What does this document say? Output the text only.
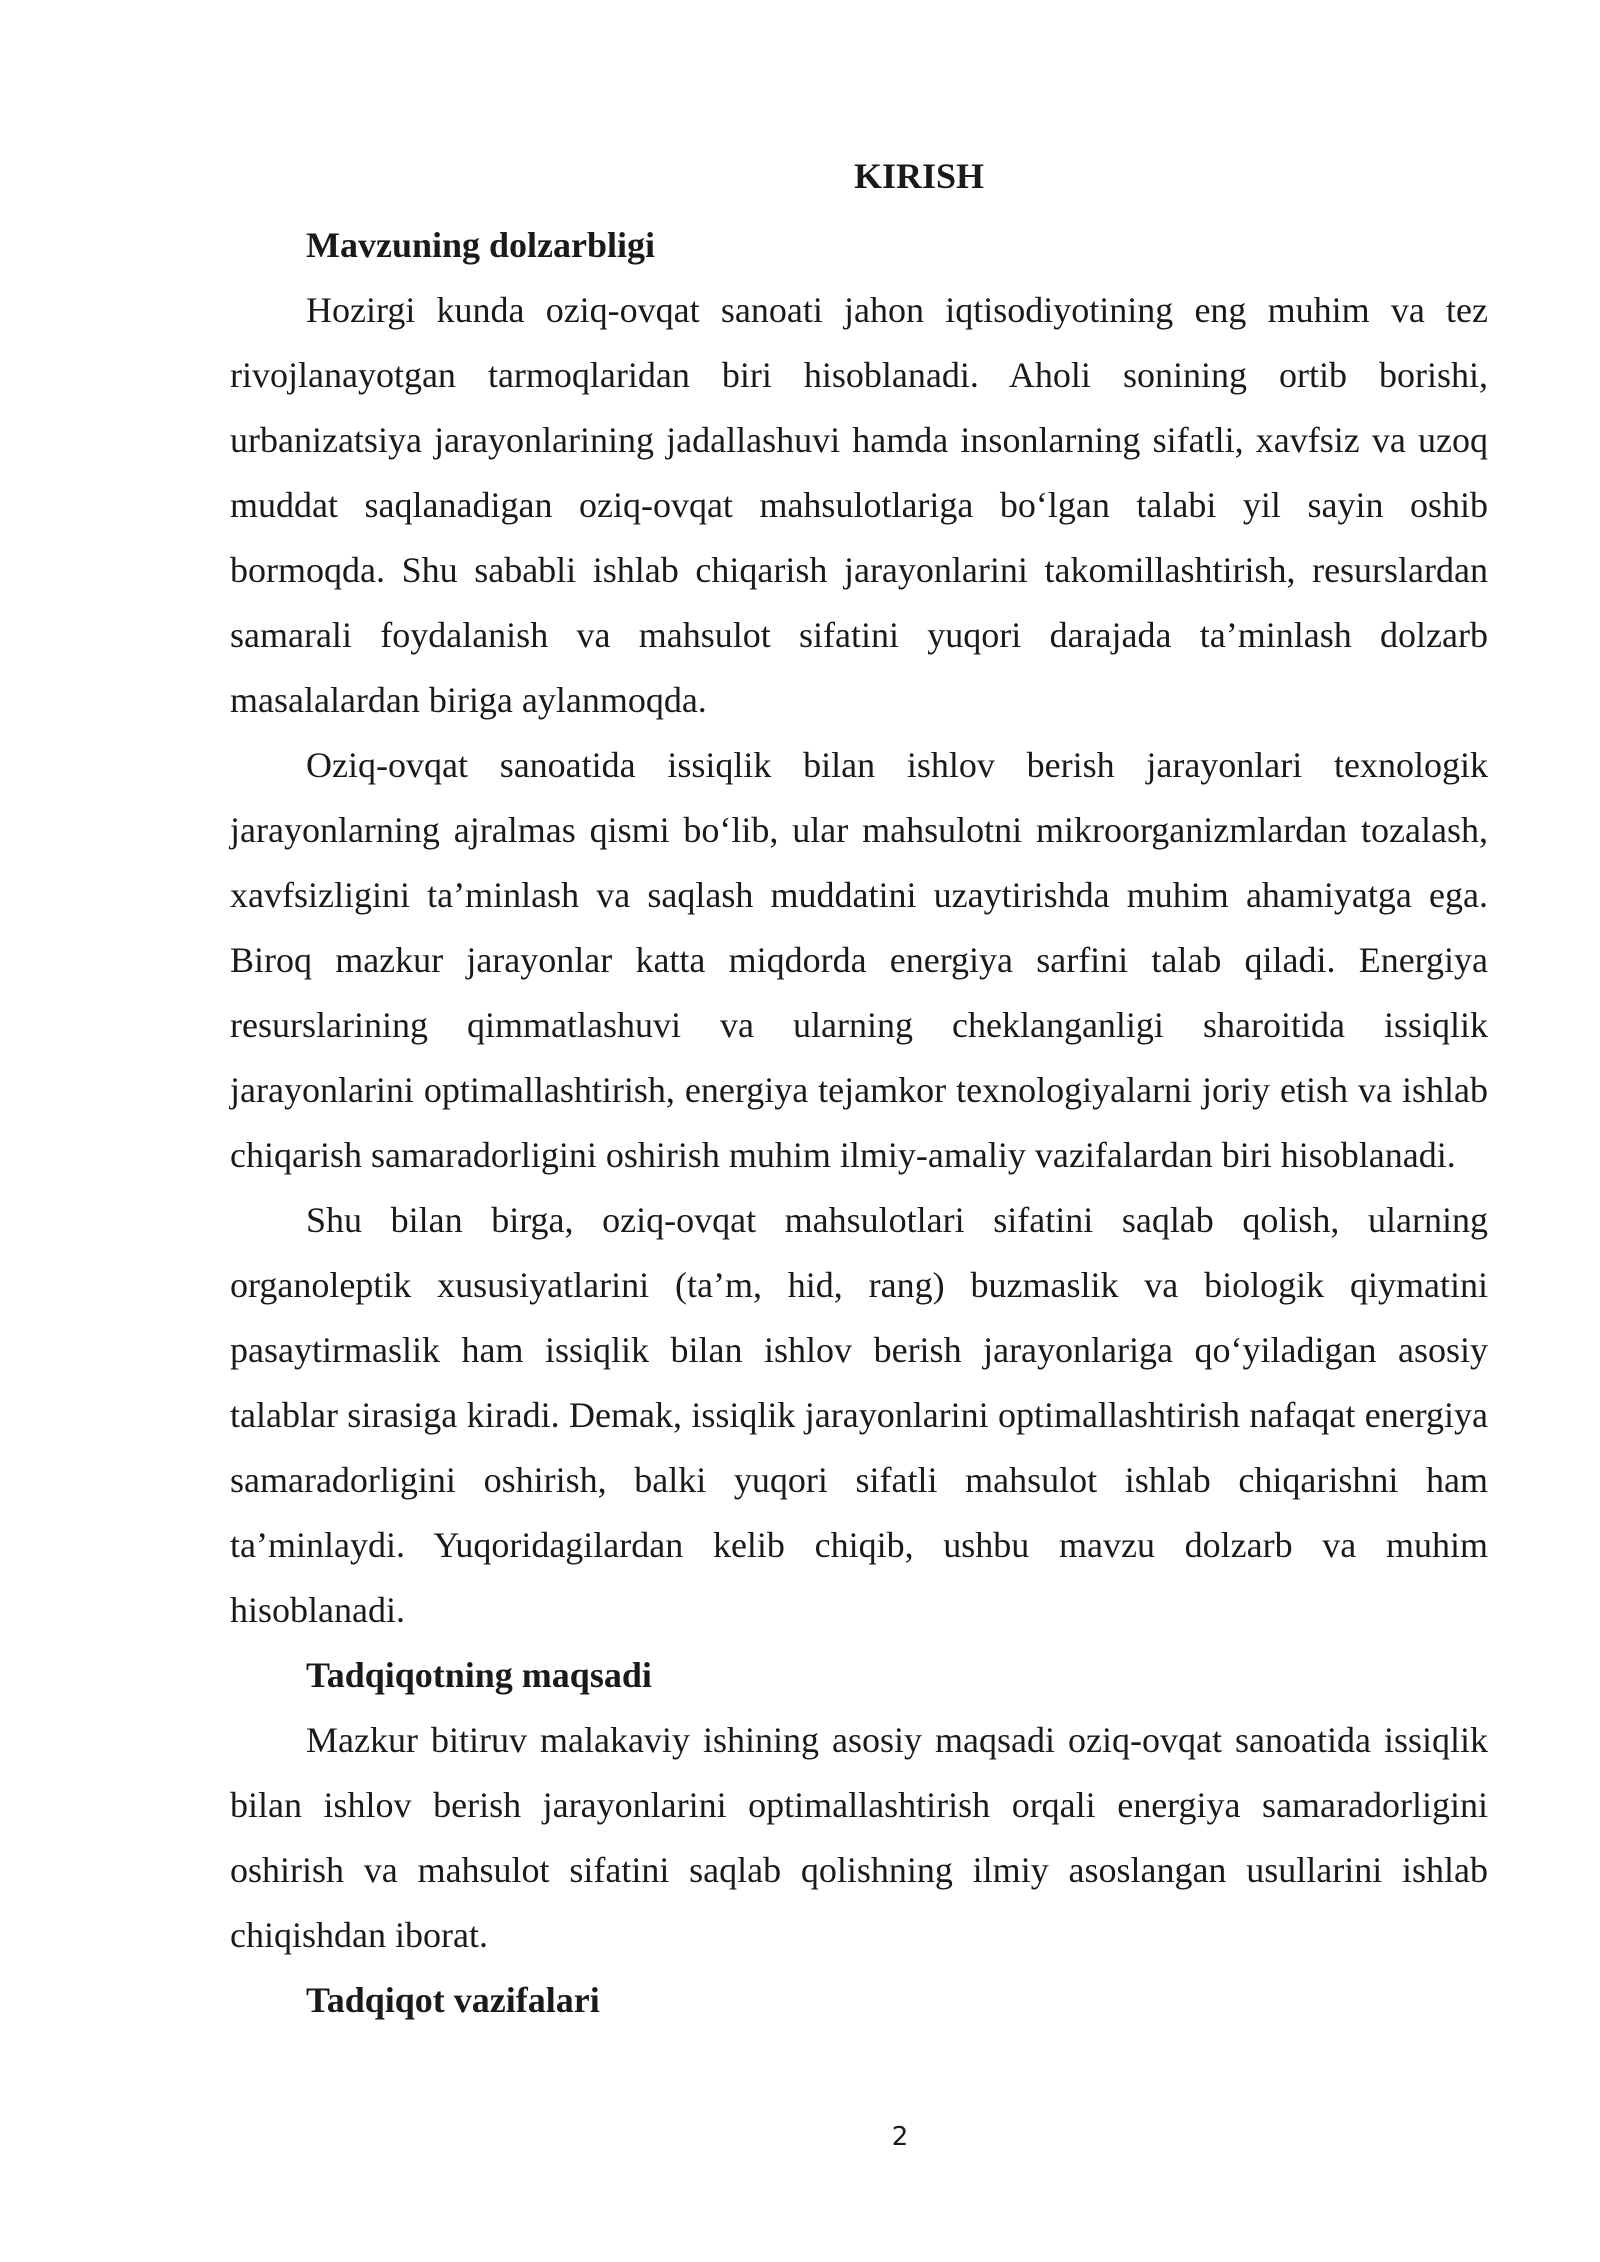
KIRISH

Mavzuning dolzarbligi

Hozirgi kunda oziq-ovqat sanoati jahon iqtisodiyotining eng muhim va tez rivojlanayotgan tarmoqlaridan biri hisoblanadi. Aholi sonining ortib borishi, urbanizatsiya jarayonlarining jadallashuvi hamda insonlarning sifatli, xavfsiz va uzoq muddat saqlanadigan oziq-ovqat mahsulotlariga bo‘lgan talabi yil sayin oshib bormoqda. Shu sababli ishlab chiqarish jarayonlarini takomillashtirish, resurslardan samarali foydalanish va mahsulot sifatini yuqori darajada ta’minlash dolzarb masalalardan biriga aylanmoqda.

Oziq-ovqat sanoatida issiqlik bilan ishlov berish jarayonlari texnologik jarayonlarning ajralmas qismi bo‘lib, ular mahsulotni mikroorganizmlardan tozalash, xavfsizligini ta’minlash va saqlash muddatini uzaytirishda muhim ahamiyatga ega. Biroq mazkur jarayonlar katta miqdorda energiya sarfini talab qiladi. Energiya resurslarining qimmatlashuvi va ularning cheklanganligi sharoitida issiqlik jarayonlarini optimallashtirish, energiya tejamkor texnologiyalarni joriy etish va ishlab chiqarish samaradorligini oshirish muhim ilmiy-amaliy vazifalardan biri hisoblanadi.

Shu bilan birga, oziq-ovqat mahsulotlari sifatini saqlab qolish, ularning organoleptik xususiyatlarini (ta’m, hid, rang) buzmaslik va biologik qiymatini pasaytirmaslik ham issiqlik bilan ishlov berish jarayonlariga qo‘yiladigan asosiy talablar sirasiga kiradi. Demak, issiqlik jarayonlarini optimallashtirish nafaqat energiya samaradorligini oshirish, balki yuqori sifatli mahsulot ishlab chiqarishni ham ta’minlaydi. Yuqoridagilardan kelib chiqib, ushbu mavzu dolzarb va muhim hisoblanadi.

Tadqiqotning maqsadi

Mazkur bitiruv malakaviy ishining asosiy maqsadi oziq-ovqat sanoatida issiqlik bilan ishlov berish jarayonlarini optimallashtirish orqali energiya samaradorligini oshirish va mahsulot sifatini saqlab qolishning ilmiy asoslangan usullarini ishlab chiqishdan iborat.

Tadqiqot vazifalari

2
